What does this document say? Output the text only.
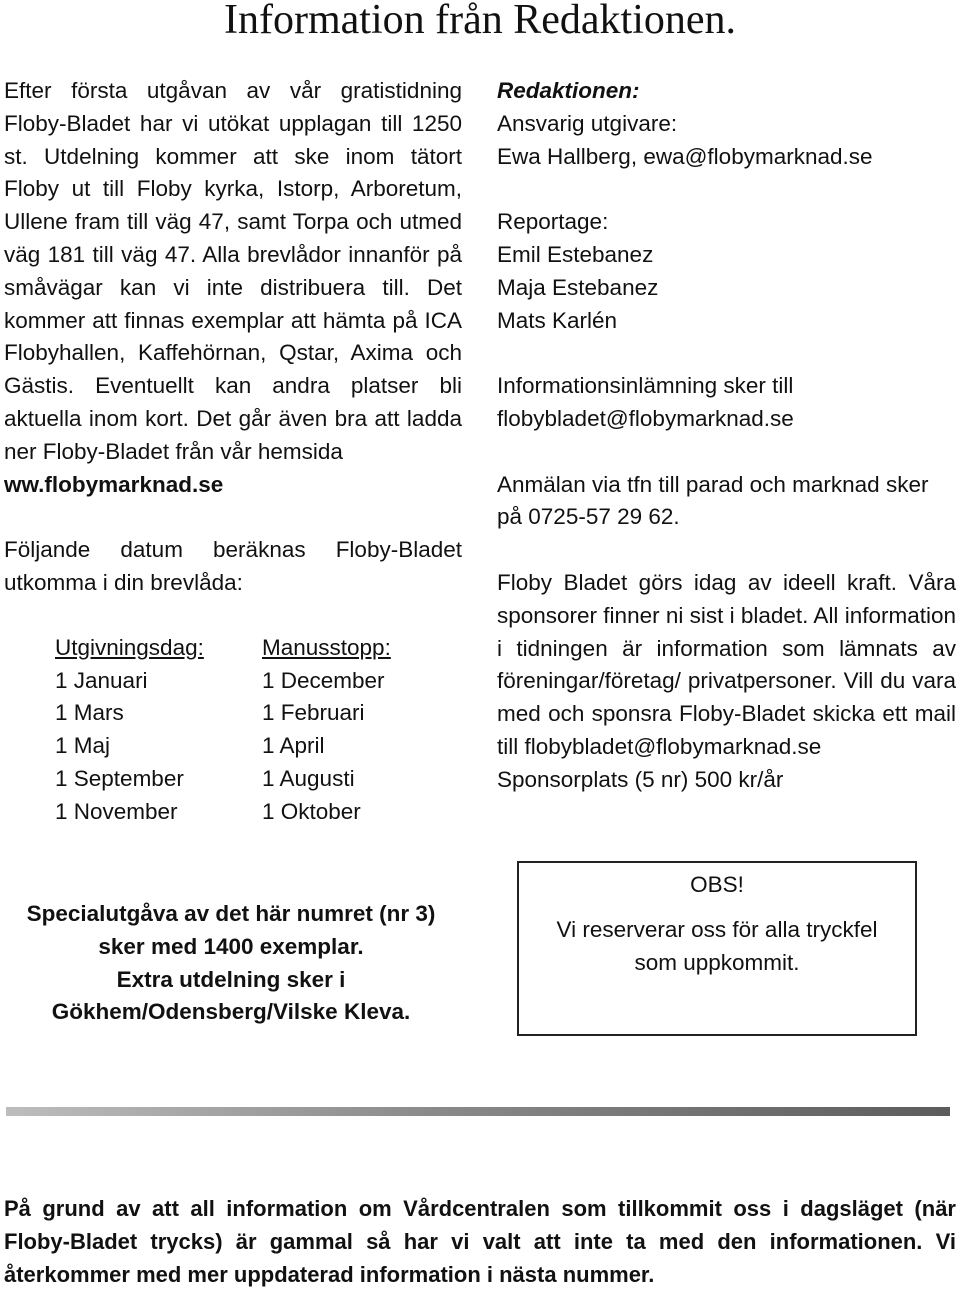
Information från Redaktionen.

Efter första utgåvan av vår gratistidning Floby-Bladet har vi utökat upplagan till 1250 st. Utdelning kommer att ske inom tätort Floby ut till Floby kyrka, Istorp, Arboretum, Ullene fram till väg 47, samt Torpa och utmed väg 181 till väg 47. Alla brevlådor innanför på småvägar kan vi inte distribuera till. Det kommer att finnas exemplar att hämta på ICA Flobyhallen, Kaffehörnan, Qstar, Axima och Gästis. Eventuellt kan andra platser bli aktuella inom kort. Det går även bra att ladda ner Floby-Bladet från vår hemsida

ww.flobymarknad.se

Följande datum beräknas Floby-Bladet utkomma i din brevlåda:

Utgivningsdag:	Manusstopp:
1 Januari	1 December
1 Mars	1 Februari
1 Maj	1 April
1 September	1 Augusti
1 November	1 Oktober
Specialutgåva av det här numret (nr 3)
sker med 1400 exemplar.
Extra utdelning sker i
Gökhem/Odensberg/Vilske Kleva.

Redaktionen:

Ansvarig utgivare:

Ewa Hallberg, ewa@flobymarknad.se

Reportage:

Emil Estebanez

Maja Estebanez

Mats Karlén

Informationsinlämning sker till

flobybladet@flobymarknad.se

Anmälan via tfn till parad och marknad sker på 0725-57 29 62.

Floby Bladet görs idag av ideell kraft. Våra sponsorer finner ni sist i bladet. All information i tidningen är information som lämnats av föreningar/företag/ privatpersoner. Vill du vara med och sponsra Floby-Bladet skicka ett mail till flobybladet@flobymarknad.se

Sponsorplats (5 nr) 500 kr/år

OBS!
Vi reserverar oss för alla tryckfel som uppkommit.
På grund av att all information om Vårdcentralen som tillkommit oss i dagsläget (när Floby-Bladet trycks) är gammal så har vi valt att inte ta med den informationen. Vi återkommer med mer uppdaterad information i nästa nummer.
